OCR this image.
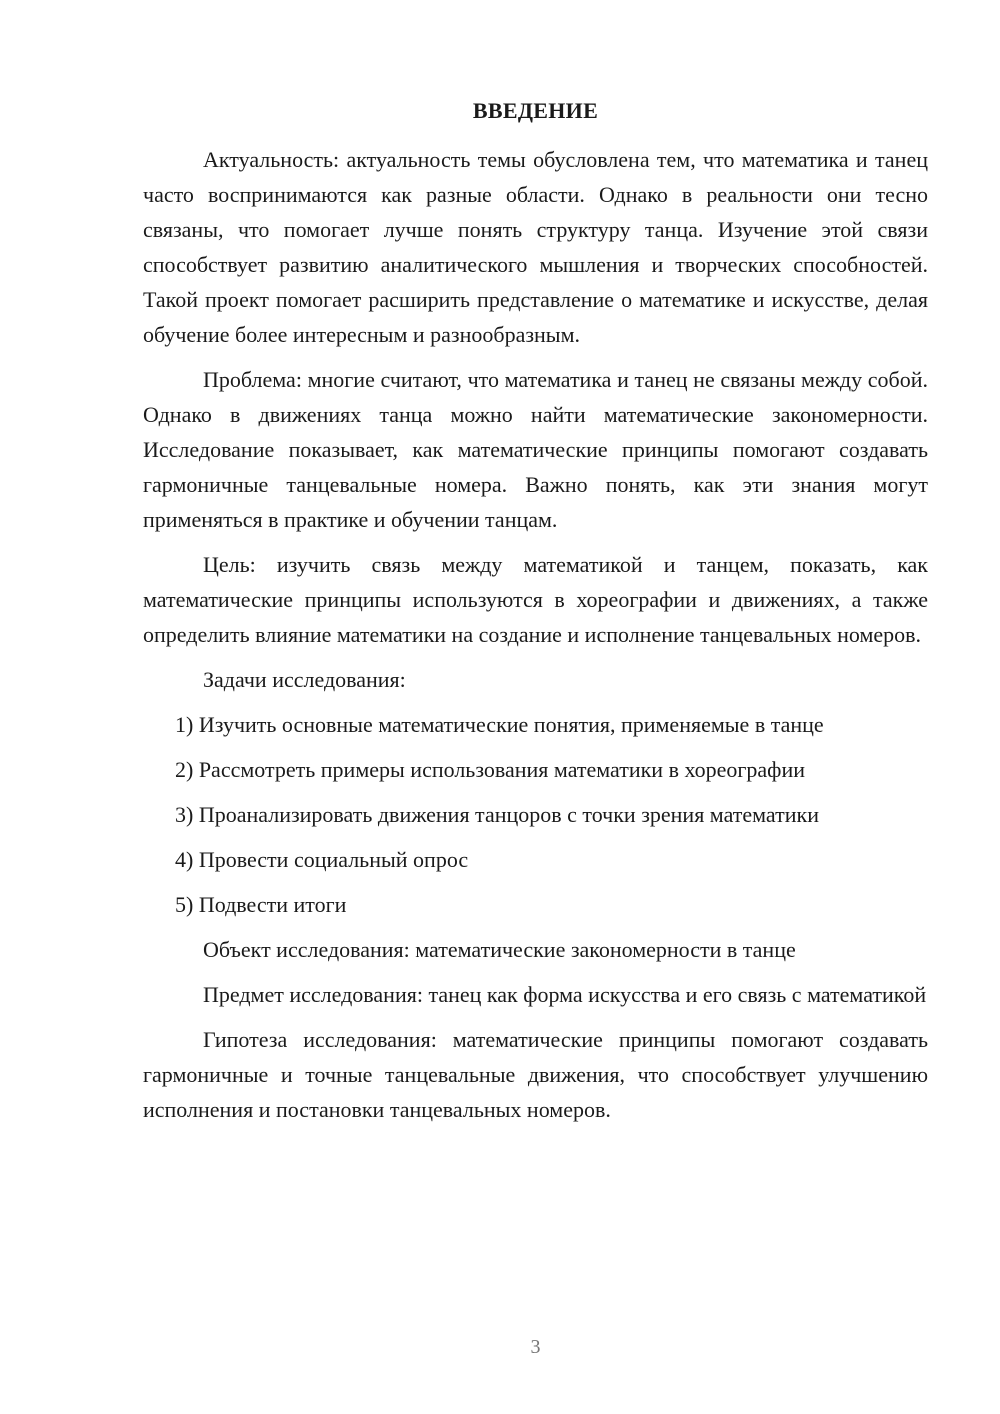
ВВЕДЕНИЕ

Актуальность: актуальность темы обусловлена тем, что математика и танец часто воспринимаются как разные области. Однако в реальности они тесно связаны, что помогает лучше понять структуру танца. Изучение этой связи способствует развитию аналитического мышления и творческих способностей. Такой проект помогает расширить представление о математике и искусстве, делая обучение более интересным и разнообразным.

Проблема: многие считают, что математика и танец не связаны между собой. Однако в движениях танца можно найти математические закономерности. Исследование показывает, как математические принципы помогают создавать гармоничные танцевальные номера. Важно понять, как эти знания могут применяться в практике и обучении танцам.

Цель: изучить связь между математикой и танцем, показать, как математические принципы используются в хореографии и движениях, а также определить влияние математики на создание и исполнение танцевальных номеров.

Задачи исследования:

1) Изучить основные математические понятия, применяемые в танце

2) Рассмотреть примеры использования математики в хореографии

3) Проанализировать движения танцоров с точки зрения математики

4) Провести социальный опрос

5) Подвести итоги

Объект исследования: математические закономерности в танце

Предмет исследования: танец как форма искусства и его связь с математикой

Гипотеза исследования: математические принципы помогают создавать гармоничные и точные танцевальные движения, что способствует улучшению исполнения и постановки танцевальных номеров.

3
